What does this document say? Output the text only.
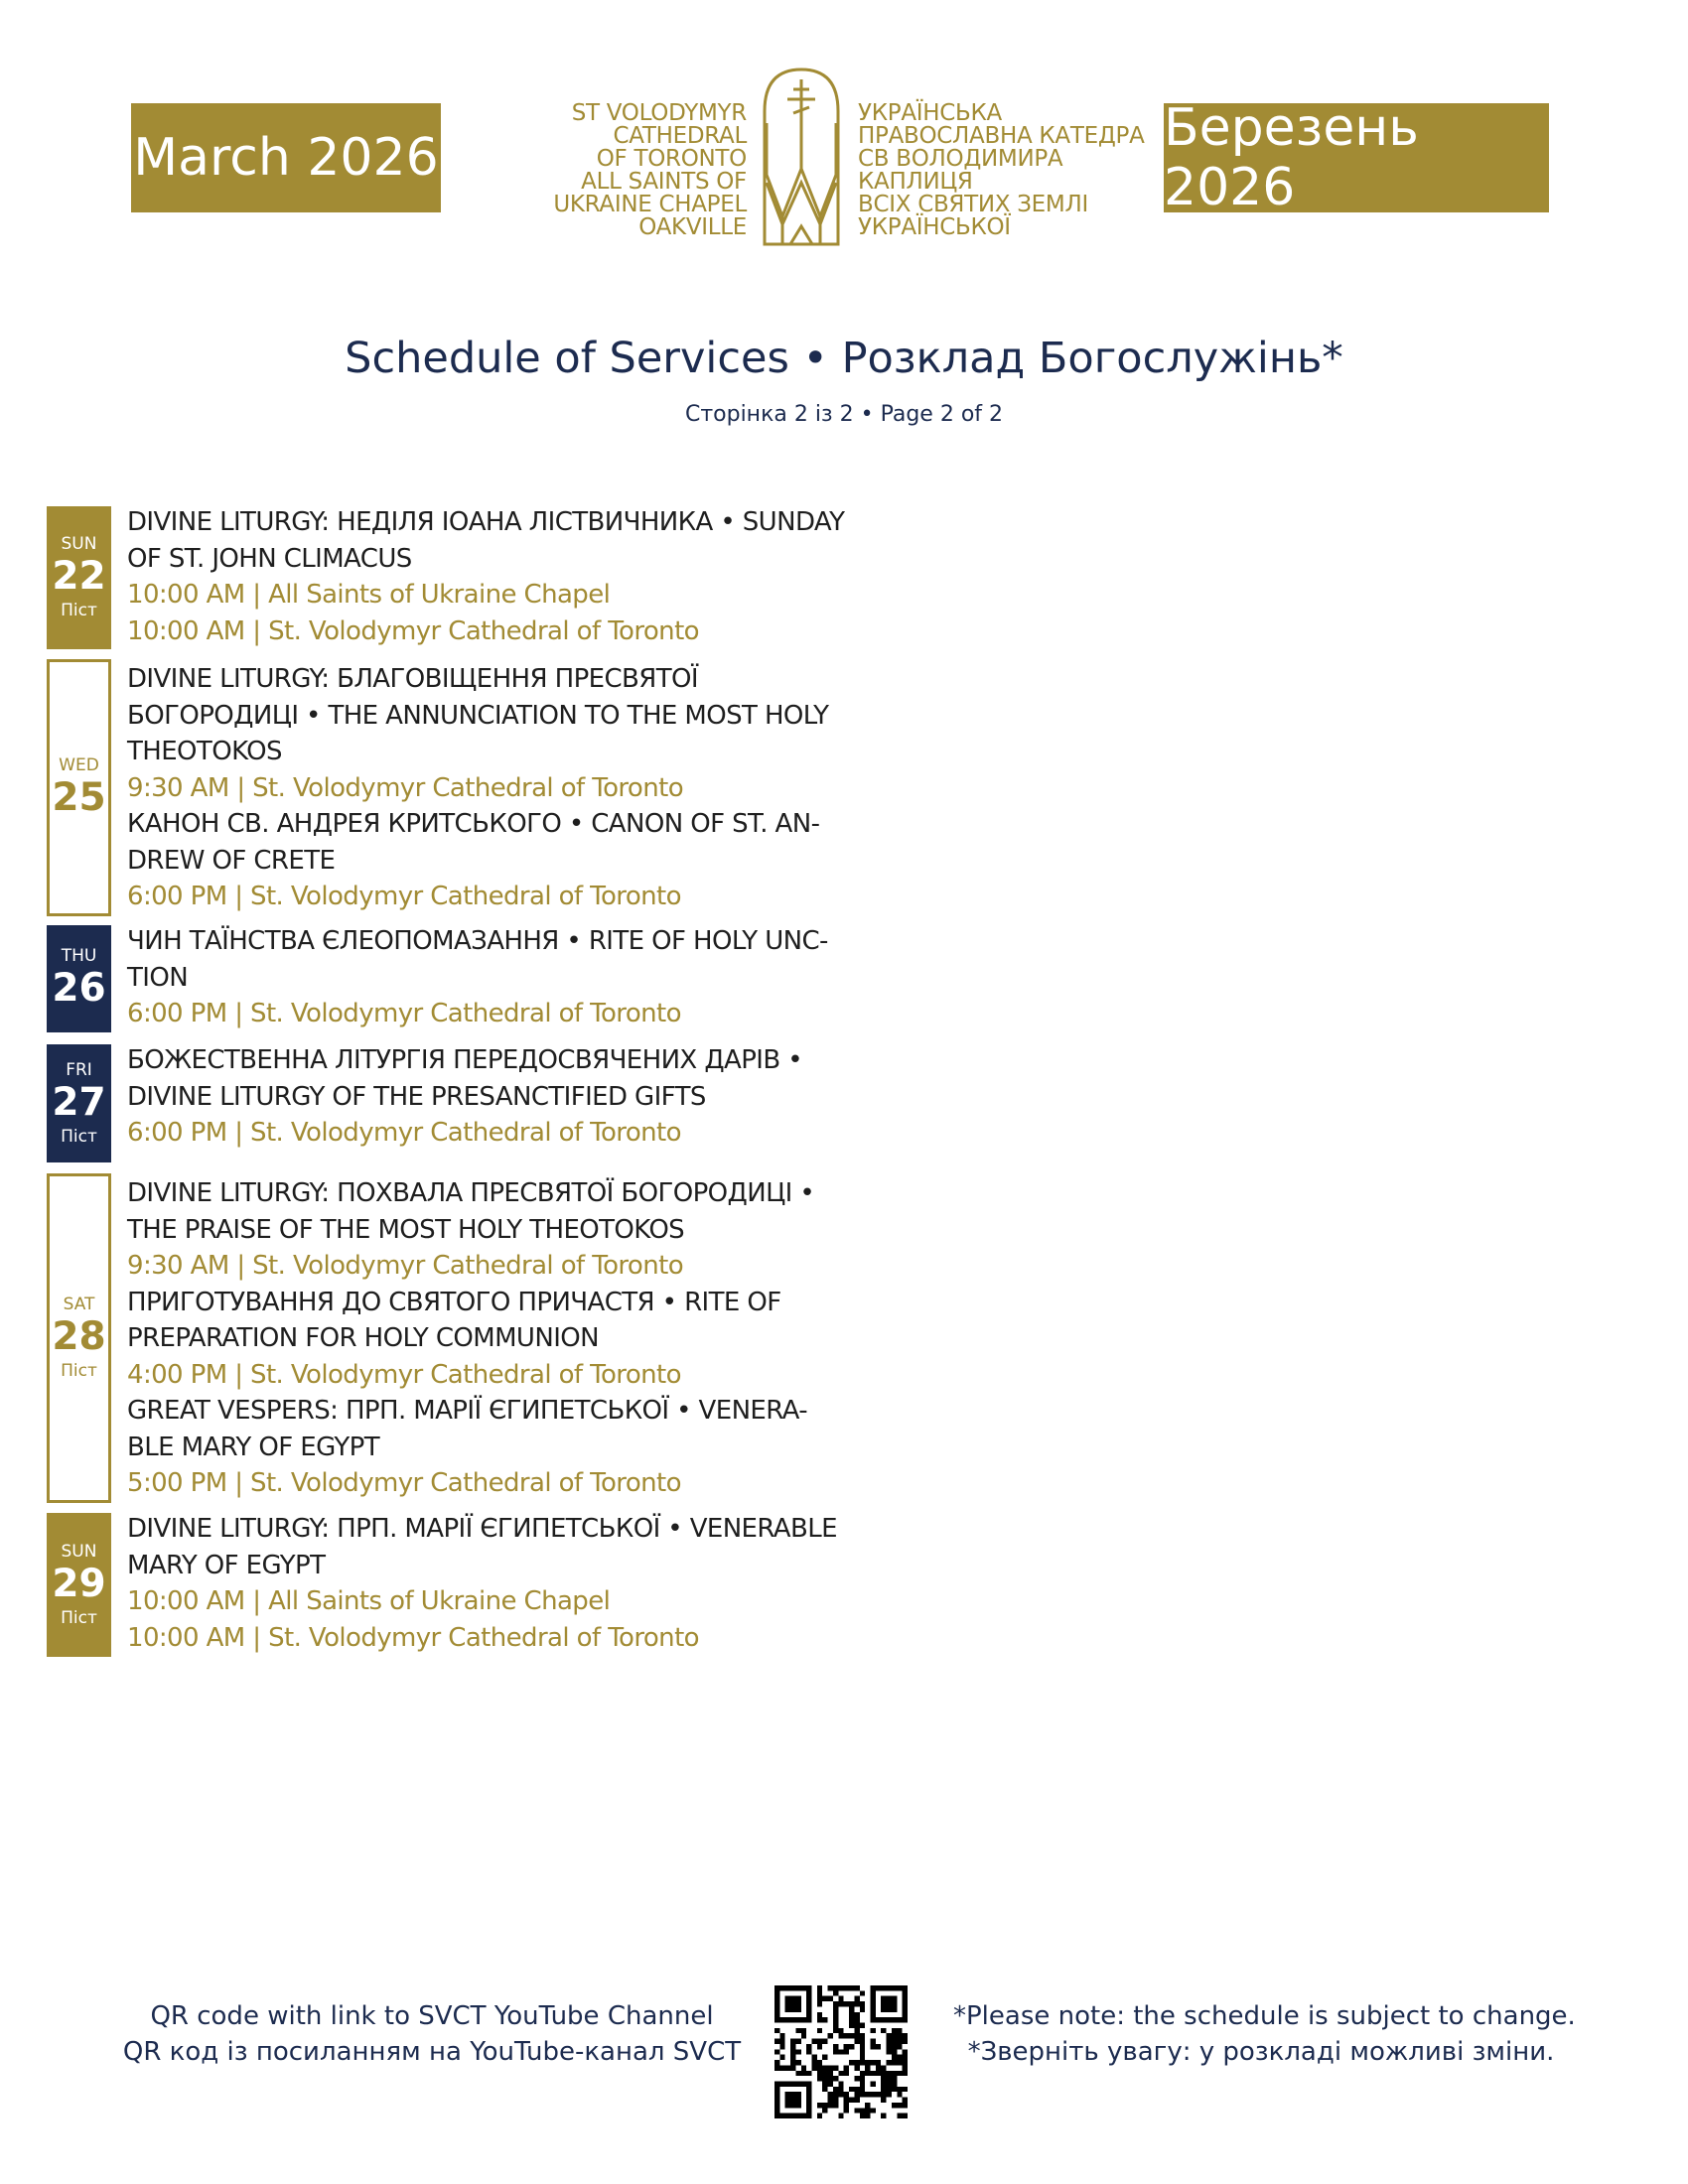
March 2026	Березень 2026
ST VOLODYMYR
CATHEDRAL
OF TORONTO
ALL SAINTS OF
UKRAINE CHAPEL
OAKVILLE
УКРАЇНСЬКА
ПРАВОСЛАВНА КАТЕДРА
СВ ВОЛОДИМИРА
КАПЛИЦЯ
ВСІХ СВЯТИХ ЗЕМЛІ
УКРАЇНСЬКОЇ
Schedule of Services • Розклад Богослужінь*
Сторінка 2 із 2 • Page 2 of 2
SUN
22
Піст
DIVINE LITURGY: НЕДІЛЯ ІОАНА ЛІСТВИЧНИКА • SUNDAY
OF ST. JOHN CLIMACUS
10:00 AM | All Saints of Ukraine Chapel
10:00 AM | St. Volodymyr Cathedral of Toronto
WED
25
DIVINE LITURGY: БЛАГОВІЩЕННЯ ПРЕСВЯТОЇ
БОГОРОДИЦІ • THE ANNUNCIATION TO THE MOST HOLY
THEOTOKOS
9:30 AM | St. Volodymyr Cathedral of Toronto
КАНОН СВ. АНДРЕЯ КРИТСЬКОГО • CANON OF ST. AN-
DREW OF CRETE
6:00 PM | St. Volodymyr Cathedral of Toronto
THU
26
ЧИН ТАЇНСТВА ЄЛЕОПОМАЗАННЯ • RITE OF HOLY UNC-
TION
6:00 PM | St. Volodymyr Cathedral of Toronto
FRI
27
Піст
БОЖЕСТВЕННА ЛІТУРГІЯ ПЕРЕДОСВЯЧЕНИХ ДАРІВ •
DIVINE LITURGY OF THE PRESANCTIFIED GIFTS
6:00 PM | St. Volodymyr Cathedral of Toronto
SAT
28
Піст
DIVINE LITURGY: ПОХВАЛА ПРЕСВЯТОЇ БОГОРОДИЦІ •
THE PRAISE OF THE MOST HOLY THEOTOKOS
9:30 AM | St. Volodymyr Cathedral of Toronto
ПРИГОТУВАННЯ ДО СВЯТОГО ПРИЧАСТЯ • RITE OF
PREPARATION FOR HOLY COMMUNION
4:00 PM | St. Volodymyr Cathedral of Toronto
GREAT VESPERS: ПРП. МАРІЇ ЄГИПЕТСЬКОЇ • VENERA-
BLE MARY OF EGYPT
5:00 PM | St. Volodymyr Cathedral of Toronto
SUN
29
Піст
DIVINE LITURGY: ПРП. МАРІЇ ЄГИПЕТСЬКОЇ • VENERABLE
MARY OF EGYPT
10:00 AM | All Saints of Ukraine Chapel
10:00 AM | St. Volodymyr Cathedral of Toronto
QR code with link to SVCT YouTube Channel
QR код із посиланням на YouTube-канал SVCT
*Please note: the schedule is subject to change.
*Зверніть увагу: у розкладі можливі зміни.
